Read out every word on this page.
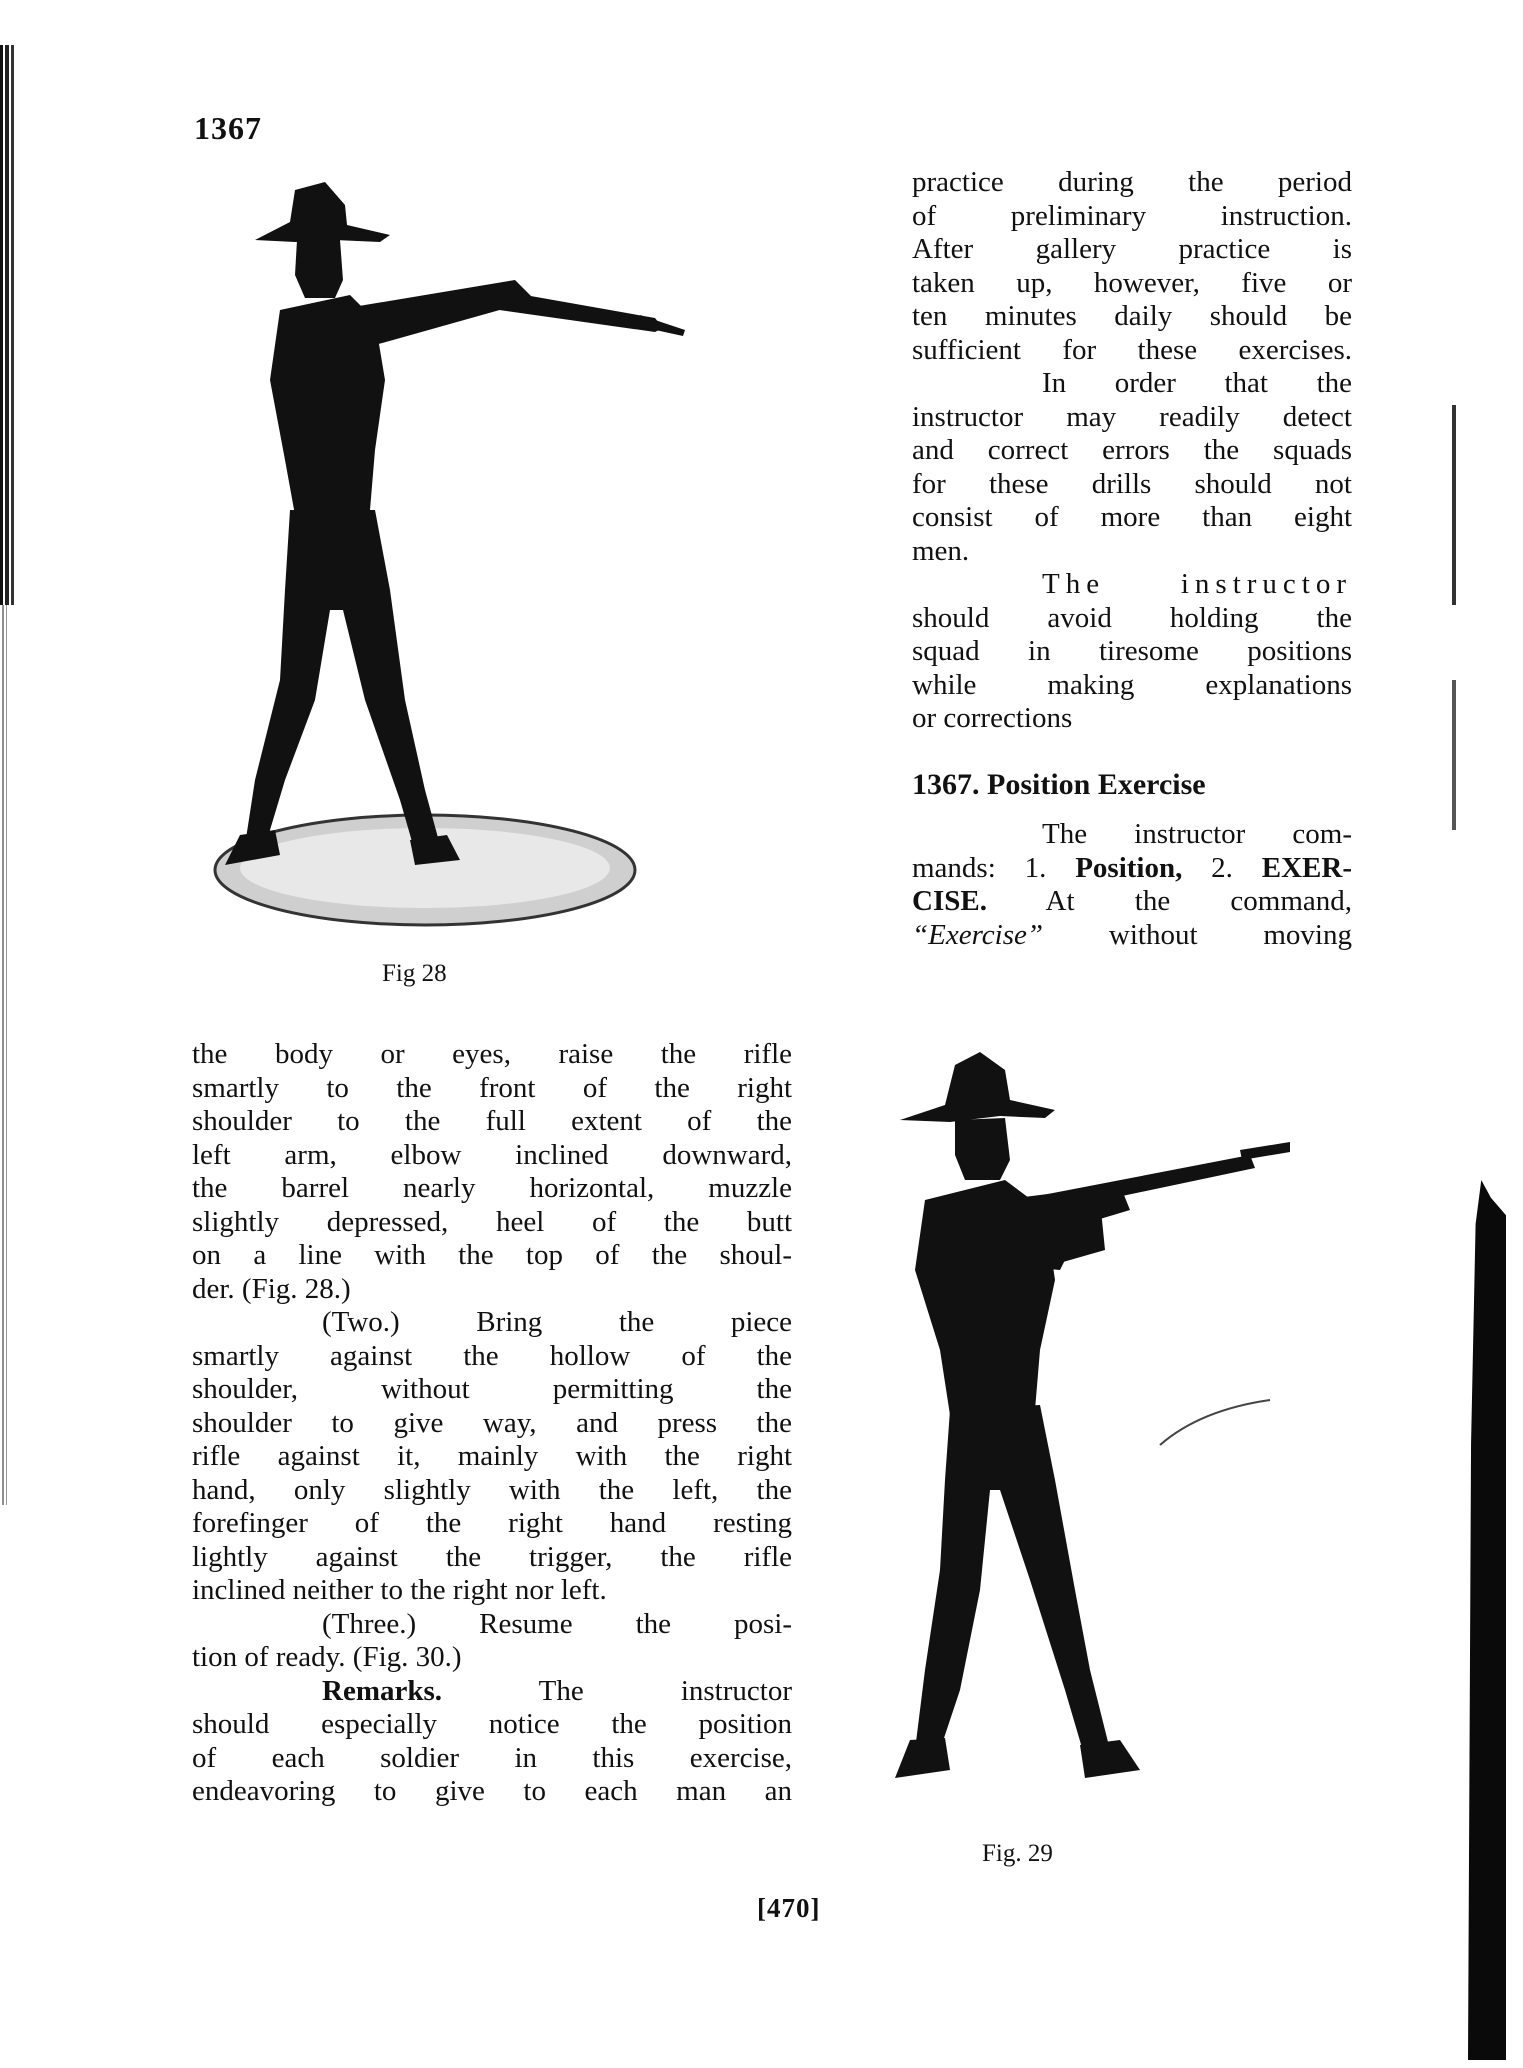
1367
Fig 28

practice during the period

of preliminary instruction.

After gallery practice is

taken up, however, five or

ten minutes daily should be

sufficient for these exercises.

In order that the

instructor may readily detect

and correct errors the squads

for these drills should not

consist of more than eight

men.

The instructor

should avoid holding the

squad in tiresome positions

while making explanations

or corrections

1367. Position Exercise

The instructor com-

mands: 1. Position, 2. EXER-

CISE. At the command,

“Exercise” without moving

the body or eyes, raise the rifle

smartly to the front of the right

shoulder to the full extent of the

left arm, elbow inclined downward,

the barrel nearly horizontal, muzzle

slightly depressed, heel of the butt

on a line with the top of the shoul-

der. (Fig. 28.)

(Two.) Bring the piece

smartly against the hollow of the

shoulder, without permitting the

shoulder to give way, and press the

rifle against it, mainly with the right

hand, only slightly with the left, the

forefinger of the right hand resting

lightly against the trigger, the rifle

inclined neither to the right nor left.

(Three.) Resume the posi-

tion of ready. (Fig. 30.)

Remarks. The instructor

should especially notice the position

of each soldier in this exercise,

endeavoring to give to each man an

Fig. 29
[470]
